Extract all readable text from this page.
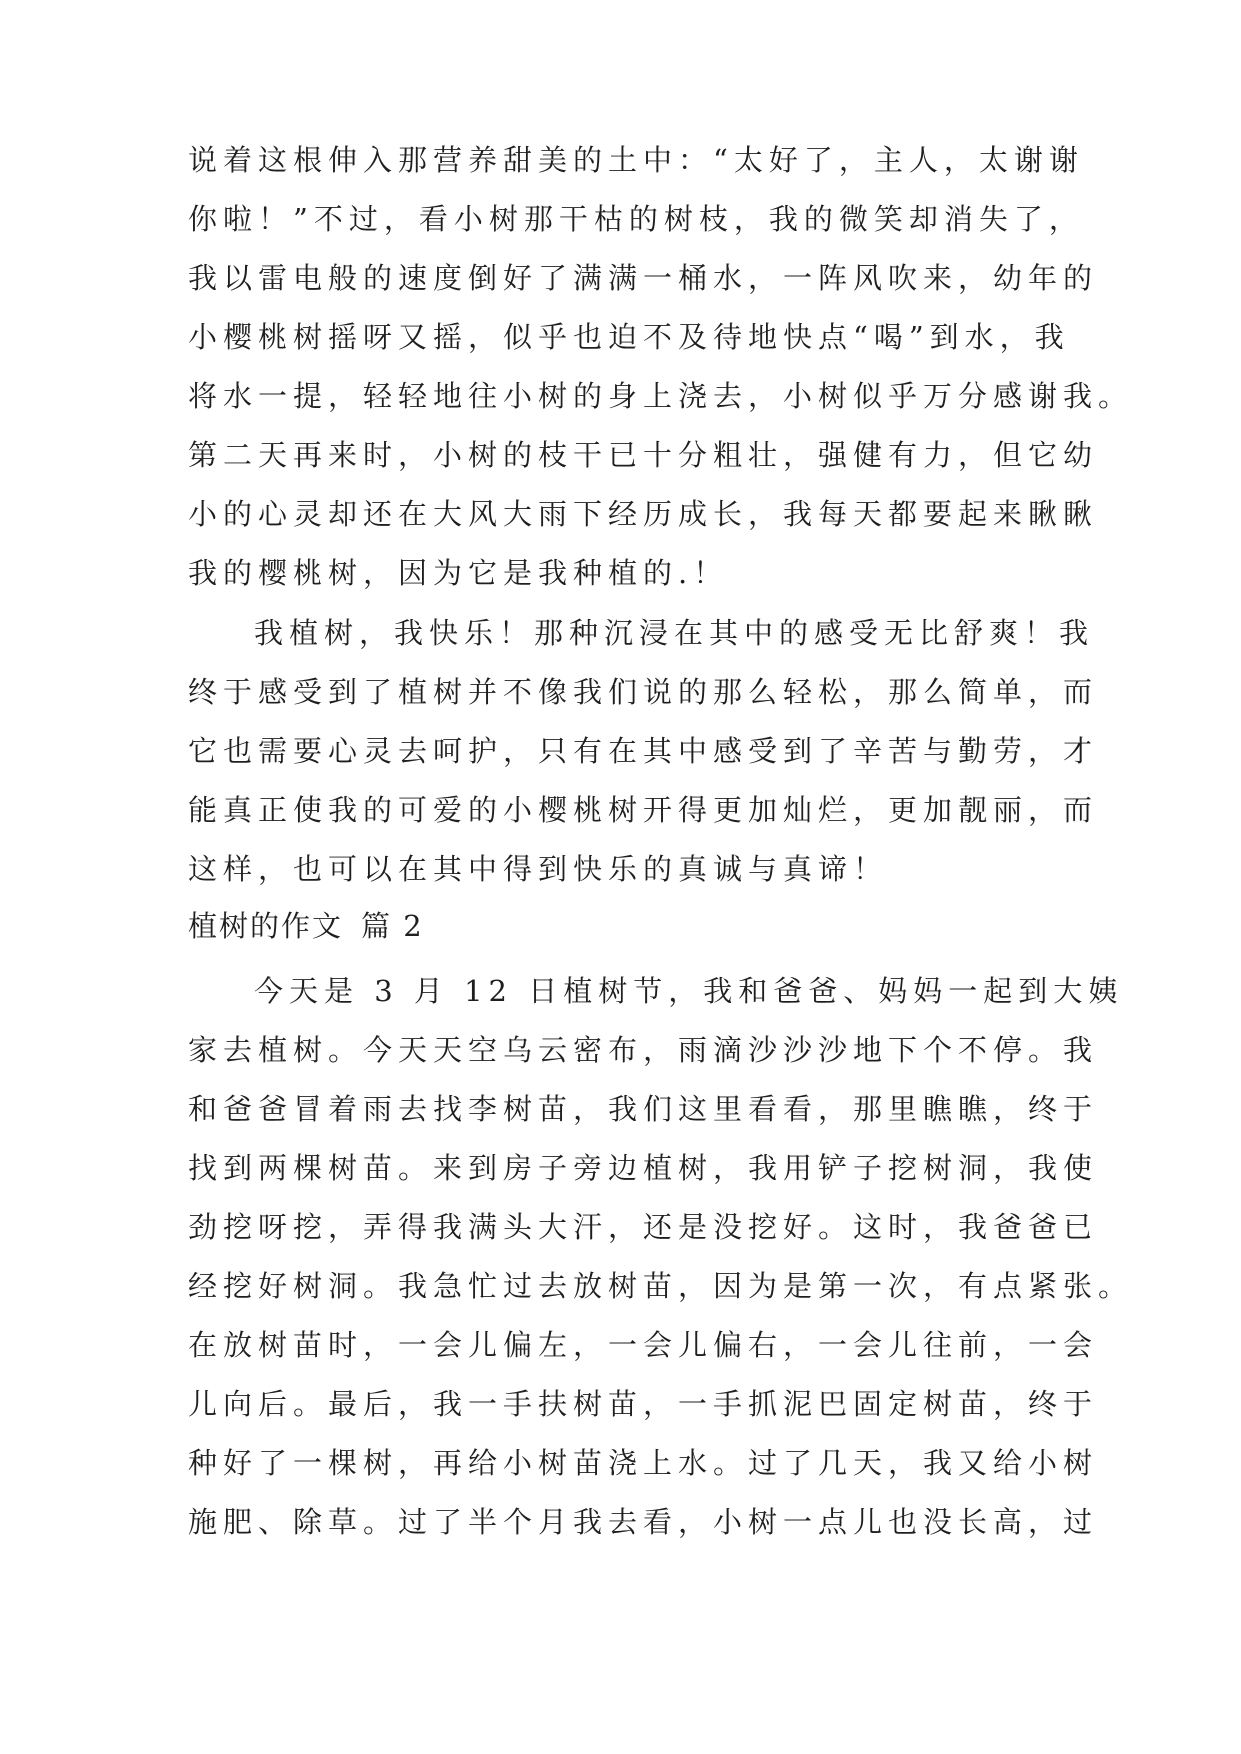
说着这根伸入那营养甜美的土中：“太好了，主人，太谢谢
你啦！”不过，看小树那干枯的树枝，我的微笑却消失了，
我以雷电般的速度倒好了满满一桶水，一阵风吹来，幼年的
小樱桃树摇呀又摇，似乎也迫不及待地快点“喝”到水，我
将水一提，轻轻地往小树的身上浇去，小树似乎万分感谢我。
第二天再来时，小树的枝干已十分粗壮，强健有力，但它幼
小的心灵却还在大风大雨下经历成长，我每天都要起来瞅瞅
我的樱桃树，因为它是我种植的.！
我植树，我快乐！那种沉浸在其中的感受无比舒爽！我
终于感受到了植树并不像我们说的那么轻松，那么简单，而
它也需要心灵去呵护，只有在其中感受到了辛苦与勤劳，才
能真正使我的可爱的小樱桃树开得更加灿烂，更加靓丽，而
这样，也可以在其中得到快乐的真诚与真谛！
植树的作文 篇 2
今天是 3 月 12 日植树节，我和爸爸、妈妈一起到大姨
家去植树。今天天空乌云密布，雨滴沙沙沙地下个不停。我
和爸爸冒着雨去找李树苗，我们这里看看，那里瞧瞧，终于
找到两棵树苗。来到房子旁边植树，我用铲子挖树洞，我使
劲挖呀挖，弄得我满头大汗，还是没挖好。这时，我爸爸已
经挖好树洞。我急忙过去放树苗，因为是第一次，有点紧张。
在放树苗时，一会儿偏左，一会儿偏右，一会儿往前，一会
儿向后。最后，我一手扶树苗，一手抓泥巴固定树苗，终于
种好了一棵树，再给小树苗浇上水。过了几天，我又给小树
施肥、除草。过了半个月我去看，小树一点儿也没长高，过
